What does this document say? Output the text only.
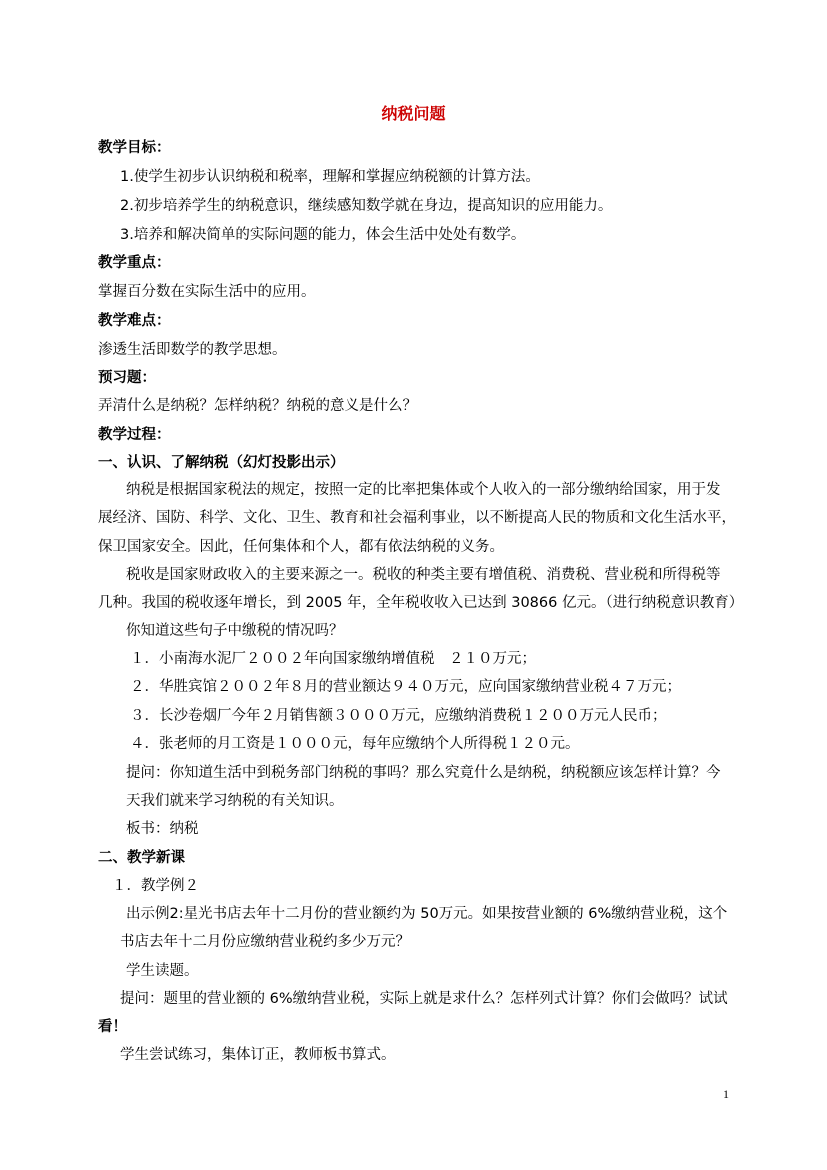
纳税问题
教学目标：
1.使学生初步认识纳税和税率，理解和掌握应纳税额的计算方法。
2.初步培养学生的纳税意识，继续感知数学就在身边，提高知识的应用能力。
3.培养和解决简单的实际问题的能力，体会生活中处处有数学。
教学重点：
掌握百分数在实际生活中的应用。
教学难点：
渗透生活即数学的教学思想。
预习题：
弄清什么是纳税？怎样纳税？纳税的意义是什么？
教学过程：
一、认识、了解纳税（幻灯投影出示）
纳税是根据国家税法的规定，按照一定的比率把集体或个人收入的一部分缴纳给国家，用于发
展经济、国防、科学、文化、卫生、教育和社会福利事业，以不断提高人民的物质和文化生活水平，
保卫国家安全。因此，任何集体和个人，都有依法纳税的义务。
税收是国家财政收入的主要来源之一。税收的种类主要有增值税、消费税、营业税和所得税等
几种。我国的税收逐年增长，到 2005 年，全年税收收入已达到 30866 亿元。（进行纳税意识教育）
你知道这些句子中缴税的情况吗？
１．小南海水泥厂２００２年向国家缴纳增值税　２１０万元；
２．华胜宾馆２００２年８月的营业额达９４０万元，应向国家缴纳营业税４７万元；
３．长沙卷烟厂今年２月销售额３０００万元，应缴纳消费税１２００万元人民币；
４．张老师的月工资是１０００元，每年应缴纳个人所得税１２０元。
提问：你知道生活中到税务部门纳税的事吗？那么究竟什么是纳税，纳税额应该怎样计算？今
天我们就来学习纳税的有关知识。
板书：纳税
二、教学新课
１．教学例２
出示例2:星光书店去年十二月份的营业额约为 50万元。如果按营业额的 6%缴纳营业税，这个
书店去年十二月份应缴纳营业税约多少万元？
学生读题。
提问：题里的营业额的 6%缴纳营业税，实际上就是求什么？怎样列式计算？你们会做吗？试试
看！
学生尝试练习，集体订正，教师板书算式。
1
